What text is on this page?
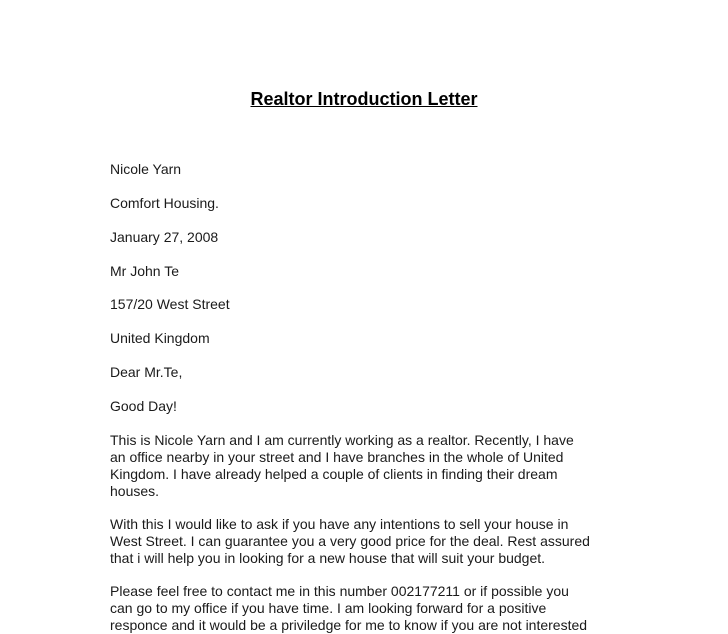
Realtor Introduction Letter
Nicole Yarn
Comfort Housing.
January 27, 2008
Mr John Te
157/20 West Street
United Kingdom
Dear Mr.Te,
Good Day!
This is Nicole Yarn and I am currently working as a realtor. Recently, I have
an office nearby in your street and I have branches in the whole of United
Kingdom. I have already helped a couple of clients in finding their dream
houses.
With this I would like to ask if you have any intentions to sell your house in
West Street. I can guarantee you a very good price for the deal. Rest assured
that i will help you in looking for a new house that will suit your budget.
Please feel free to contact me in this number 002177211 or if possible you
can go to my office if you have time. I am looking forward for a positive
responce and it would be a priviledge for me to know if you are not interested
